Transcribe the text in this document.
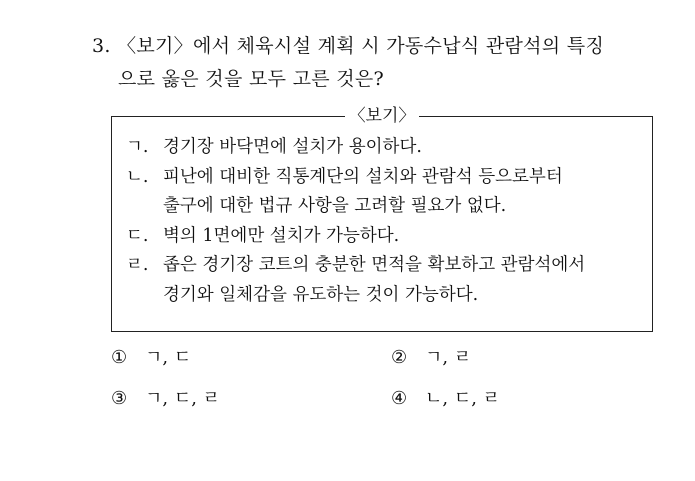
3. 〈보기〉에서 체육시설 계획 시 가동수납식 관람석의 특징
으로 옳은 것을 모두 고른 것은?
〈보기〉
ㄱ. 경기장 바닥면에 설치가 용이하다.
ㄴ. 피난에 대비한 직통계단의 설치와 관람석 등으로부터
출구에 대한 법규 사항을 고려할 필요가 없다.
ㄷ. 벽의 1면에만 설치가 가능하다.
ㄹ. 좁은 경기장 코트의 충분한 면적을 확보하고 관람석에서
경기와 일체감을 유도하는 것이 가능하다.
① ㄱ, ㄷ	② ㄱ, ㄹ
③ ㄱ, ㄷ, ㄹ	④ ㄴ, ㄷ, ㄹ
